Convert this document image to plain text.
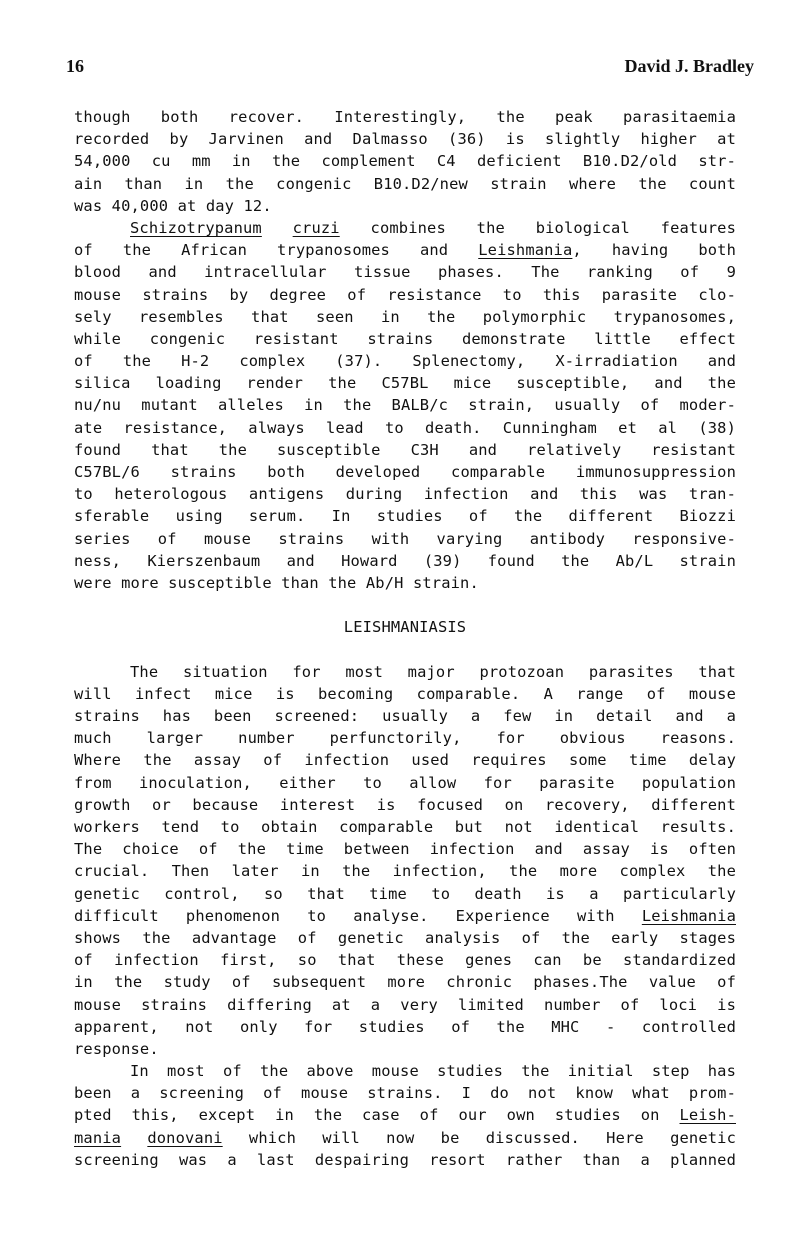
16	David J. Bradley
though both recover. Interestingly, the peak parasitaemia
recorded by Jarvinen and Dalmasso (36) is slightly higher at
54,000 cu mm in the complement C4 deficient B10.D2/old str-
ain than in the congenic B10.D2/new strain where the count
was 40,000 at day 12.
Schizotrypanum cruzi combines the biological features
of the African trypanosomes and Leishmania, having both
blood and intracellular tissue phases. The ranking of 9
mouse strains by degree of resistance to this parasite clo-
sely resembles that seen in the polymorphic trypanosomes,
while congenic resistant strains demonstrate little effect
of the H-2 complex (37). Splenectomy, X-irradiation and
silica loading render the C57BL mice susceptible, and the
nu/nu mutant alleles in the BALB/c strain, usually of moder-
ate resistance, always lead to death. Cunningham et al (38)
found that the susceptible C3H and relatively resistant
C57BL/6 strains both developed comparable immunosuppression
to heterologous antigens during infection and this was tran-
sferable using serum. In studies of the different Biozzi
series of mouse strains with varying antibody responsive-
ness, Kierszenbaum and Howard (39) found the Ab/L strain
were more susceptible than the Ab/H strain.
LEISHMANIASIS
The situation for most major protozoan parasites that
will infect mice is becoming comparable. A range of mouse
strains has been screened: usually a few in detail and a
much larger number perfunctorily, for obvious reasons.
Where the assay of infection used requires some time delay
from inoculation, either to allow for parasite population
growth or because interest is focused on recovery, different
workers tend to obtain comparable but not identical results.
The choice of the time between infection and assay is often
crucial. Then later in the infection, the more complex the
genetic control, so that time to death is a particularly
difficult phenomenon to analyse. Experience with Leishmania
shows the advantage of genetic analysis of the early stages
of infection first, so that these genes can be standardized
in the study of subsequent more chronic phases.The value of
mouse strains differing at a very limited number of loci is
apparent, not only for studies of the MHC - controlled
response.
In most of the above mouse studies the initial step has
been a screening of mouse strains. I do not know what prom-
pted this, except in the case of our own studies on Leish-
mania donovani which will now be discussed. Here genetic
screening was a last despairing resort rather than a planned
